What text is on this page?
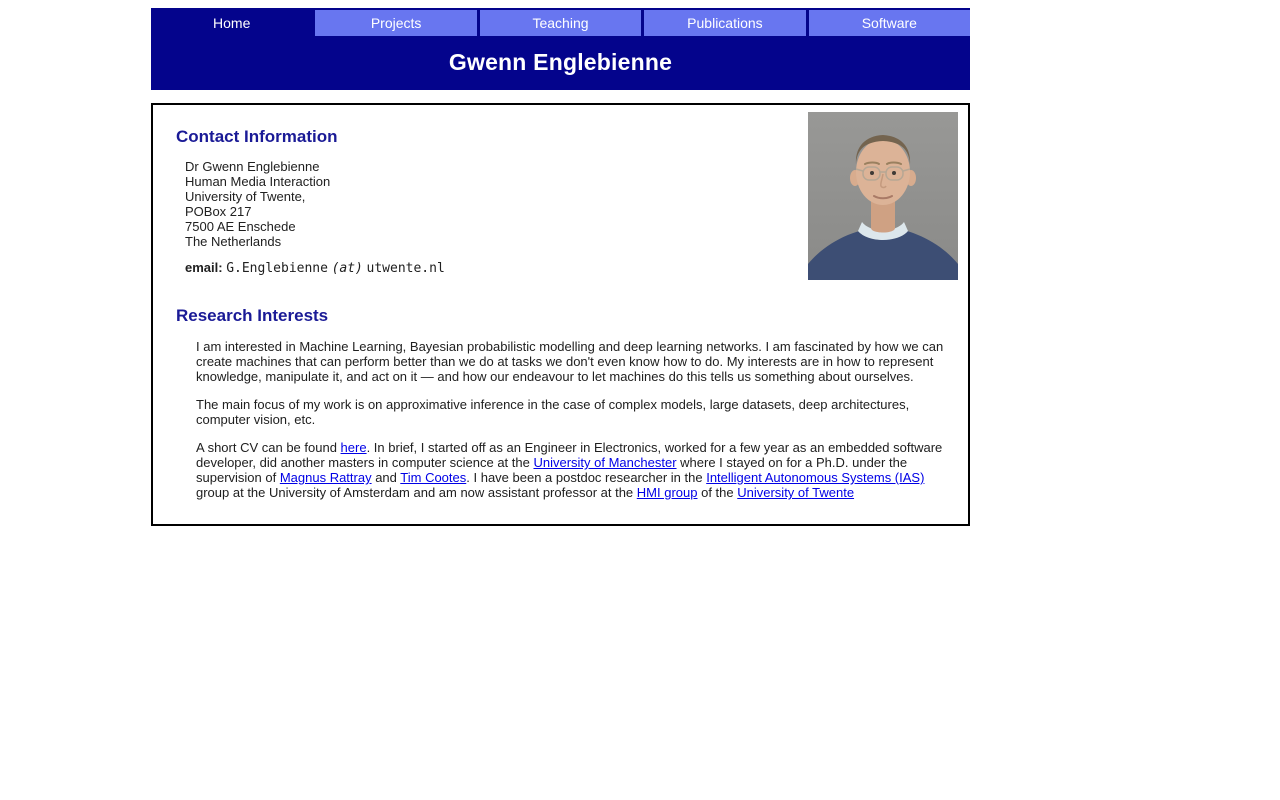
Home	Projects	Teaching	Publications	Software
Gwenn Englebienne
Contact Information
Dr Gwenn Englebienne
Human Media Interaction
University of Twente,
POBox 217
7500 AE Enschede
The Netherlands
email: G.Englebienne (at) utwente.nl
Research Interests

I am interested in Machine Learning, Bayesian probabilistic modelling and deep learning networks. I am fascinated by how we can create machines that can perform better than we do at tasks we don't even know how to do. My interests are in how to represent knowledge, manipulate it, and act on it — and how our endeavour to let machines do this tells us something about ourselves.

The main focus of my work is on approximative inference in the case of complex models, large datasets, deep architectures, computer vision, etc.

A short CV can be found here. In brief, I started off as an Engineer in Electronics, worked for a few year as an embedded software developer, did another masters in computer science at the University of Manchester where I stayed on for a Ph.D. under the supervision of Magnus Rattray and Tim Cootes. I have been a postdoc researcher in the Intelligent Autonomous Systems (IAS) group at the University of Amsterdam and am now assistant professor at the HMI group of the University of Twente
